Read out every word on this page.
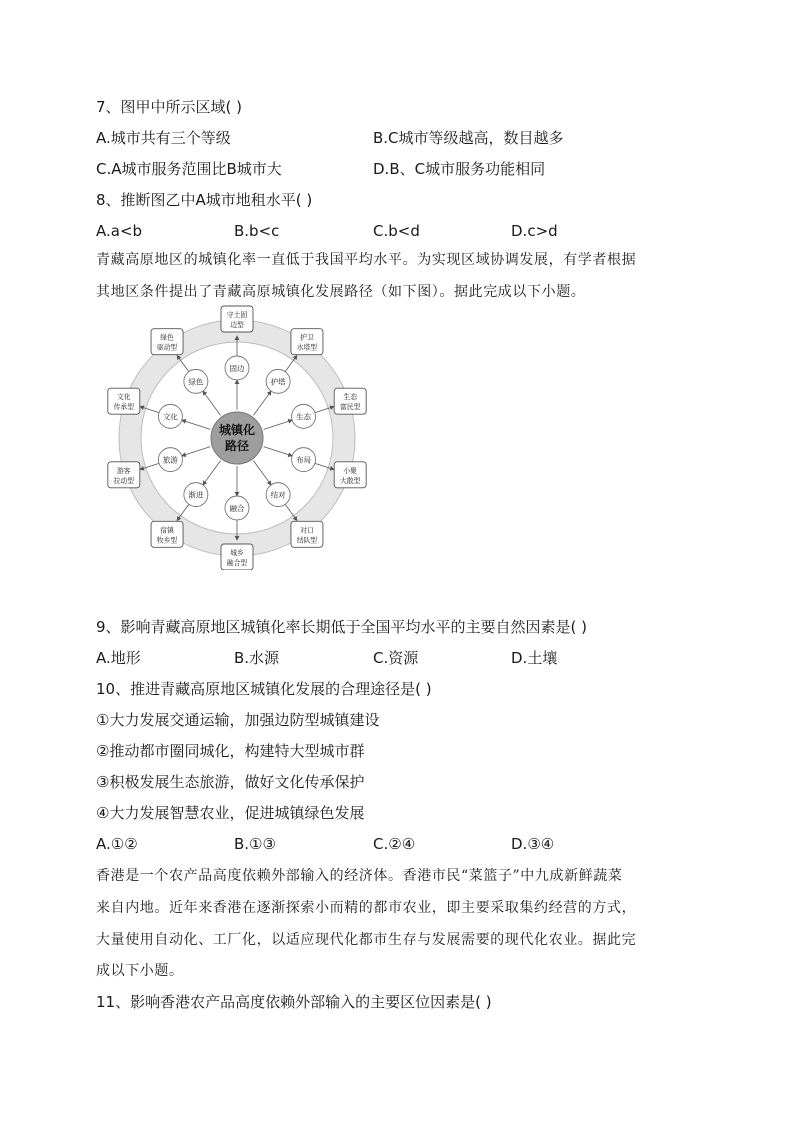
7、图甲中所示区域( )
A.城市共有三个等级	B.C城市等级越高，数目越多
C.A城市服务范围比B城市大	D.B、C城市服务功能相同
8、推断图乙中A城市地租水平( )
A.a<b	B.b<c	C.b<d	D.c>d
青藏高原地区的城镇化率一直低于我国平均水平。为实现区域协调发展，有学者根据
其地区条件提出了青藏高原城镇化发展路径（如下图）。据此完成以下小题。
固边
护塔
生态
布局
结对
融合
渐进
旅游
文化
绿色
守土固
边型
护卫
水塔型
生态
富民型
小聚
大散型
对口
结队型
城乡
融合型
宿镇
牧乡型
游客
拉动型
文化
传承型
绿色
驱动型
城镇化
路径
9、影响青藏高原地区城镇化率长期低于全国平均水平的主要自然因素是( )
A.地形	B.水源	C.资源	D.土壤
10、推进青藏高原地区城镇化发展的合理途径是( )
①大力发展交通运输，加强边防型城镇建设
②推动都市圈同城化，构建特大型城市群
③积极发展生态旅游，做好文化传承保护
④大力发展智慧农业，促进城镇绿色发展
A.①②	B.①③	C.②④	D.③④
香港是一个农产品高度依赖外部输入的经济体。香港市民“菜篮子”中九成新鲜蔬菜
来自内地。近年来香港在逐渐探索小而精的都市农业，即主要采取集约经营的方式，
大量使用自动化、工厂化，以适应现代化都市生存与发展需要的现代化农业。据此完
成以下小题。
11、影响香港农产品高度依赖外部输入的主要区位因素是( )
